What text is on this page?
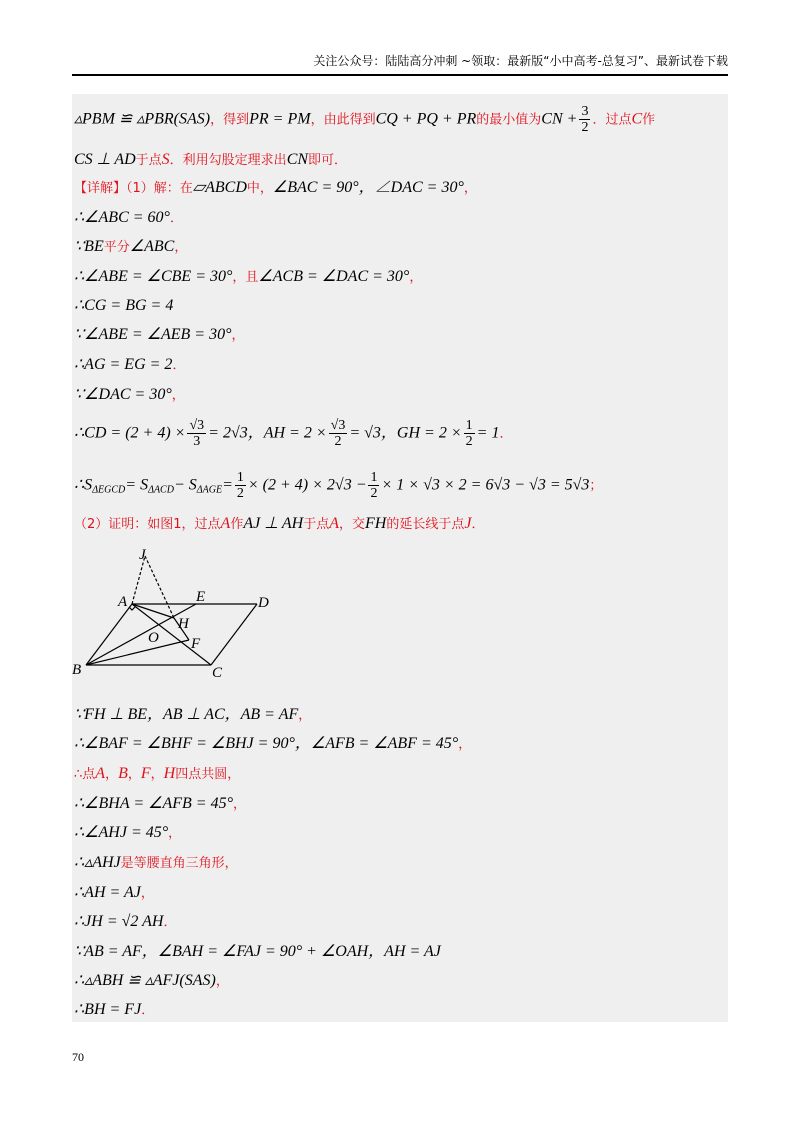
关注公众号：陆陆高分冲刺 ~领取：最新版“小中高考-总复习”、最新试卷下载
▵PBM ≌ ▵PBR(SAS)，得到PR = PM，由此得到CQ + PQ + PR的最小值为CN + $\frac{3}{2}$ ．过点C作
CS ⊥ AD于点S．利用勾股定理求出CN即可．
【详解】（1）解：在▱ABCD中，∠BAC = 90°，∠DAC = 30°，
∴∠ABC = 60°．
∵BE平分∠ABC，
∴∠ABE = ∠CBE = 30°，且∠ACB = ∠DAC = 30°，
∴CG = BG = 4
∵∠ABE = ∠AEB = 30°，
∴AG = EG = 2．
∵∠DAC = 30°，
∴CD = $(2 + 4) \times \frac{√3}{3} = 2√3$，AH = $2 \times \frac{√3}{2} = √3$，GH = $2 \times \frac{1}{2} = 1$．
$\therefore S_{\Delta EGCD}= S_{\Delta ACD}- S_{\Delta AGE}= \frac{1}{2} \times (2 + 4) \times 2√3 - \frac{1}{2} \times 1 \times √3 \times 2 = 6√3 - √3 = 5√3$；
（2）证明：如图1，过点A作AJ ⊥ AH于点A，交FH的延长线于点J．
J
A	E	D
H
O F
B	C
∵FH ⊥ BE，AB ⊥ AC，AB = AF，
∴∠BAF = ∠BHF = ∠BHJ = 90°，∠AFB = ∠ABF = 45°，
∴点A，B，F，H四点共圆，
∴∠BHA = ∠AFB = 45°，
∴∠AHJ = 45°，
∴▵AHJ是等腰直角三角形，
∴AH = AJ，
∴JH = √2 AH．
∵AB = AF，∠BAH = ∠FAJ = 90° + ∠OAH，AH = AJ
∴▵ABH ≌ ▵AFJ(SAS)，
∴BH = FJ．
70
